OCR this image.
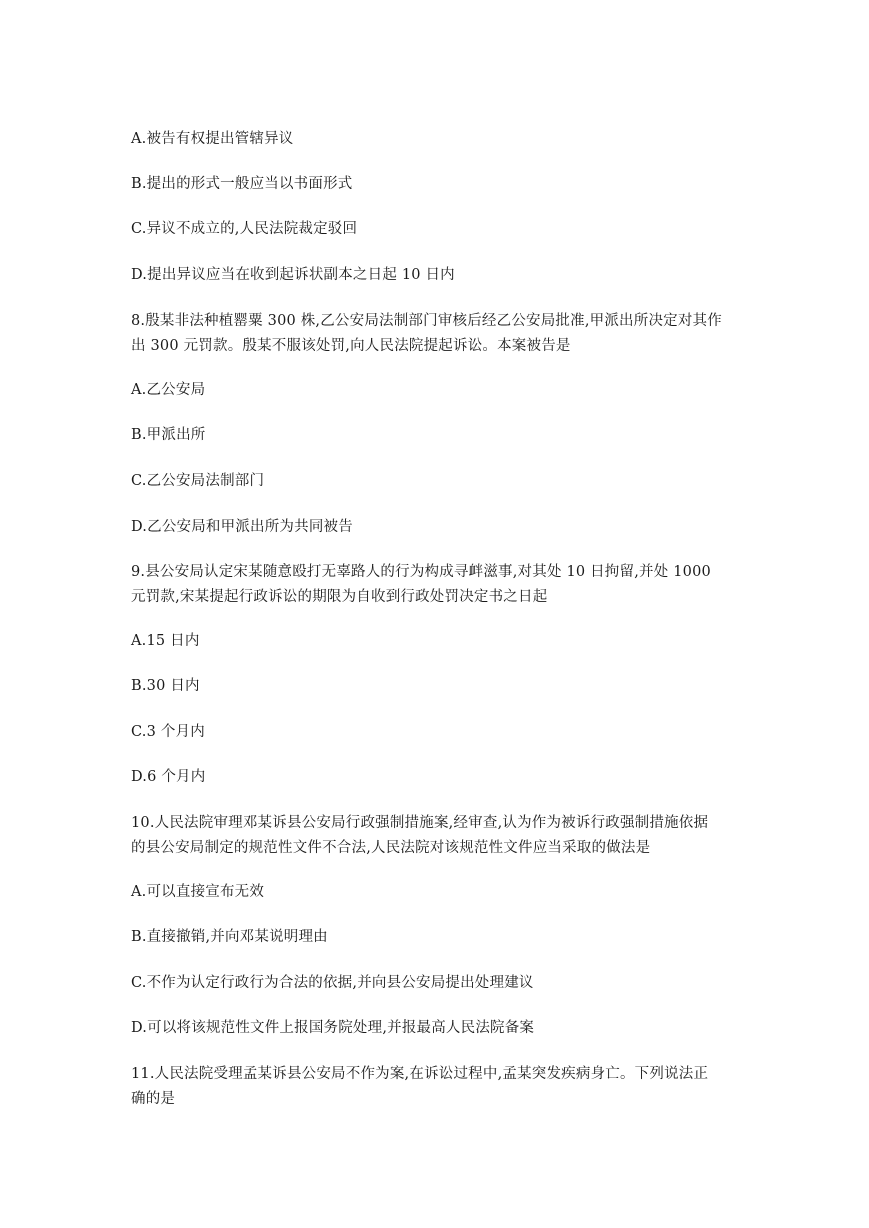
A.被告有权提出管辖异议
B.提出的形式一般应当以书面形式
C.异议不成立的,人民法院裁定驳回
D.提出异议应当在收到起诉状副本之日起 10 日内
8.殷某非法种植罂粟 300 株,乙公安局法制部门审核后经乙公安局批准,甲派出所决定对其作
出 300 元罚款。殷某不服该处罚,向人民法院提起诉讼。本案被告是
A.乙公安局
B.甲派出所
C.乙公安局法制部门
D.乙公安局和甲派出所为共同被告
9.县公安局认定宋某随意殴打无辜路人的行为构成寻衅滋事,对其处 10 日拘留,并处 1000
元罚款,宋某提起行政诉讼的期限为自收到行政处罚决定书之日起
A.15 日内
B.30 日内
C.3 个月内
D.6 个月内
10.人民法院审理邓某诉县公安局行政强制措施案,经审查,认为作为被诉行政强制措施依据
的县公安局制定的规范性文件不合法,人民法院对该规范性文件应当采取的做法是
A.可以直接宣布无效
B.直接撤销,并向邓某说明理由
C.不作为认定行政行为合法的依据,并向县公安局提出处理建议
D.可以将该规范性文件上报国务院处理,并报最高人民法院备案
11.人民法院受理孟某诉县公安局不作为案,在诉讼过程中,孟某突发疾病身亡。下列说法正
确的是
